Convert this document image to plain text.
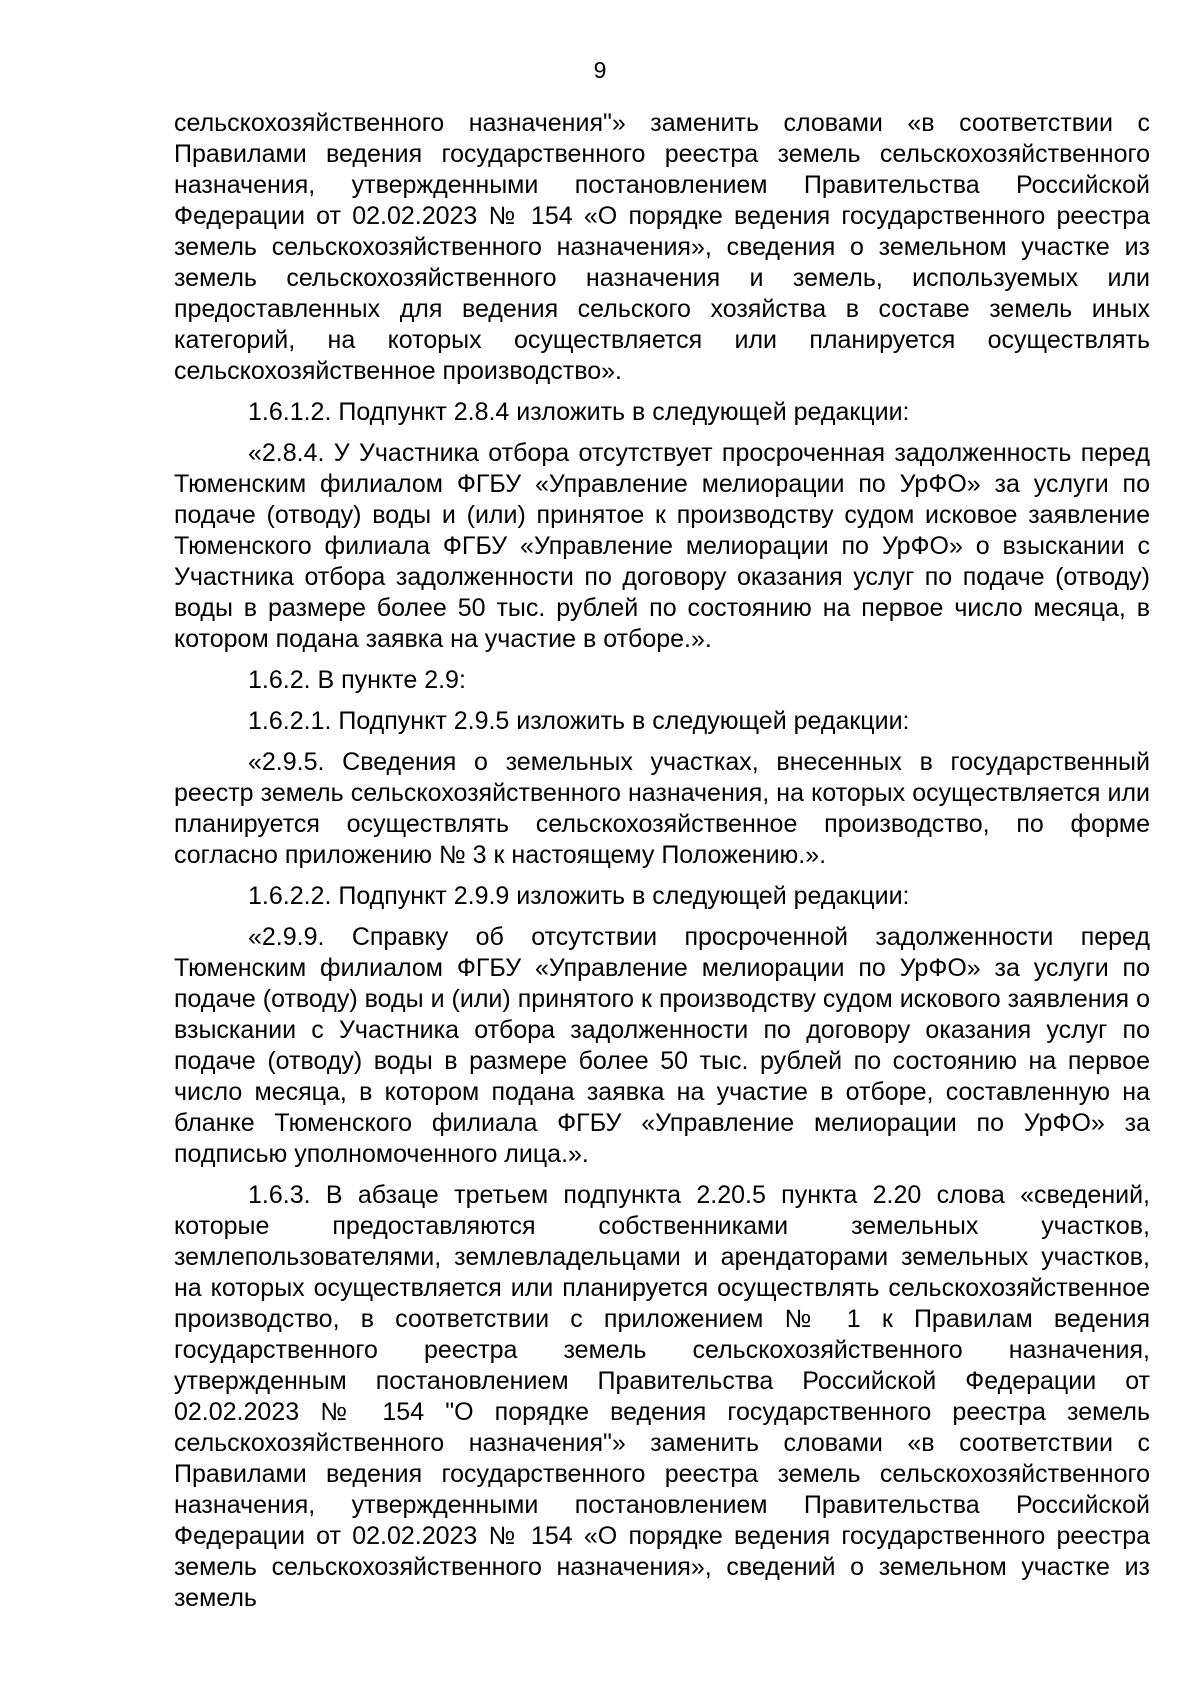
9

сельскохозяйственного назначения"» заменить словами «в соответствии с Правилами ведения государственного реестра земель сельскохозяйственного назначения, утвержденными постановлением Правительства Российской Федерации от 02.02.2023 № 154 «О порядке ведения государственного реестра земель сельскохозяйственного назначения», сведения о земельном участке из земель сельскохозяйственного назначения и земель, используемых или предоставленных для ведения сельского хозяйства в составе земель иных категорий, на которых осуществляется или планируется осуществлять сельскохозяйственное производство».

1.6.1.2. Подпункт 2.8.4 изложить в следующей редакции:

«2.8.4. У Участника отбора отсутствует просроченная задолженность перед Тюменским филиалом ФГБУ «Управление мелиорации по УрФО» за услуги по подаче (отводу) воды и (или) принятое к производству судом исковое заявление Тюменского филиала ФГБУ «Управление мелиорации по УрФО» о взыскании с Участника отбора задолженности по договору оказания услуг по подаче (отводу) воды в размере более 50 тыс. рублей по состоянию на первое число месяца, в котором подана заявка на участие в отборе.».

1.6.2. В пункте 2.9:

1.6.2.1. Подпункт 2.9.5 изложить в следующей редакции:

«2.9.5. Сведения о земельных участках, внесенных в государственный реестр земель сельскохозяйственного назначения, на которых осуществляется или планируется осуществлять сельскохозяйственное производство, по форме согласно приложению № 3 к настоящему Положению.».

1.6.2.2. Подпункт 2.9.9 изложить в следующей редакции:

«2.9.9. Справку об отсутствии просроченной задолженности перед Тюменским филиалом ФГБУ «Управление мелиорации по УрФО» за услуги по подаче (отводу) воды и (или) принятого к производству судом искового заявления о взыскании с Участника отбора задолженности по договору оказания услуг по подаче (отводу) воды в размере более 50 тыс. рублей по состоянию на первое число месяца, в котором подана заявка на участие в отборе, составленную на бланке Тюменского филиала ФГБУ «Управление мелиорации по УрФО» за подписью уполномоченного лица.».

1.6.3. В абзаце третьем подпункта 2.20.5 пункта 2.20 слова «сведений, которые предоставляются собственниками земельных участков, землепользователями, землевладельцами и арендаторами земельных участков, на которых осуществляется или планируется осуществлять сельскохозяйственное производство, в соответствии с приложением № 1 к Правилам ведения государственного реестра земель сельскохозяйственного назначения, утвержденным постановлением Правительства Российской Федерации от 02.02.2023 № 154 "О порядке ведения государственного реестра земель сельскохозяйственного назначения"» заменить словами «в соответствии с Правилами ведения государственного реестра земель сельскохозяйственного назначения, утвержденными постановлением Правительства Российской Федерации от 02.02.2023 № 154 «О порядке ведения государственного реестра земель сельскохозяйственного назначения», сведений о земельном участке из земель
